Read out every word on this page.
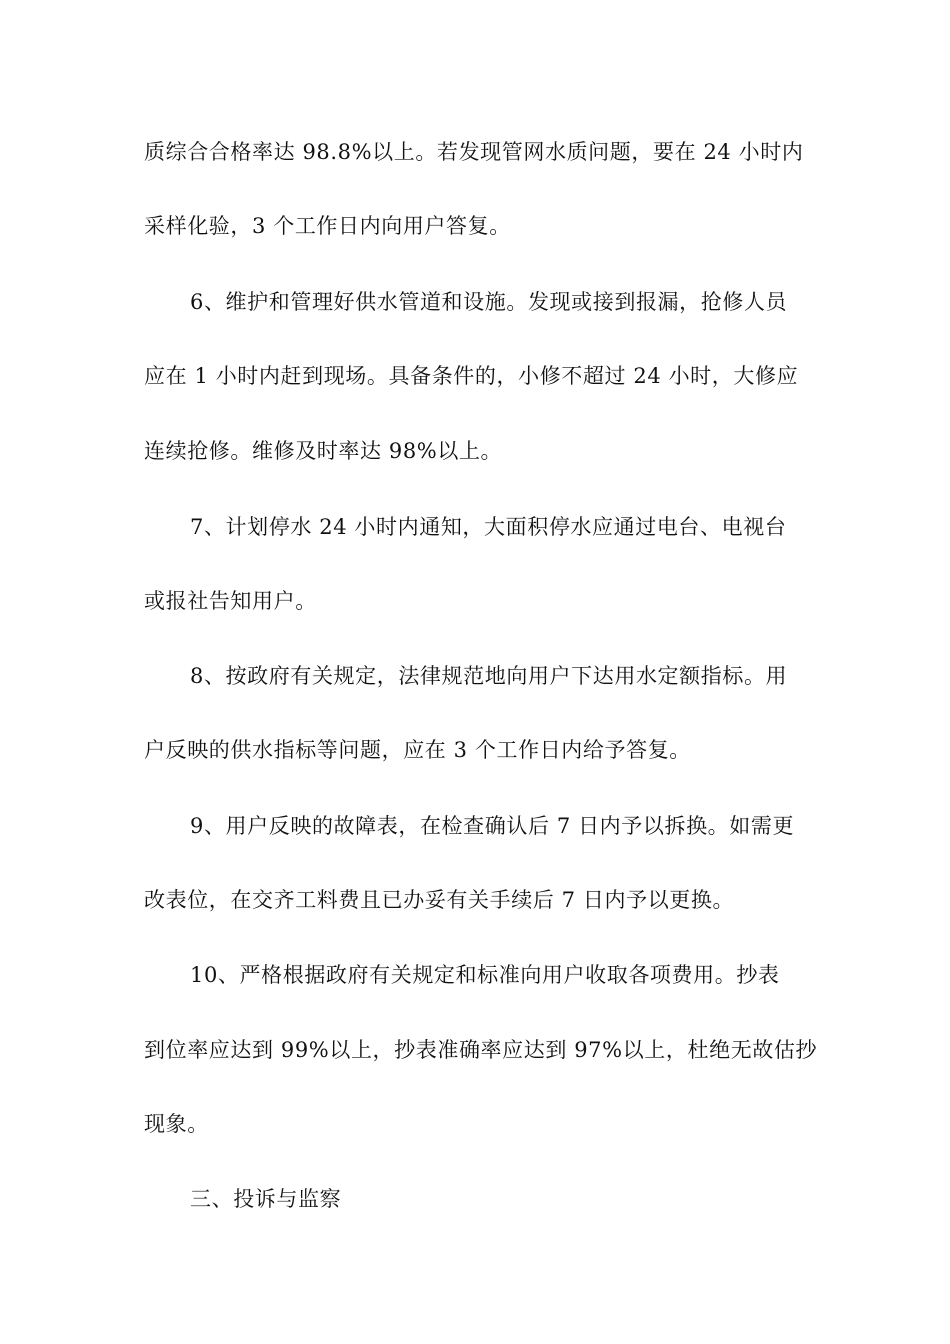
质综合合格率达 98.8%以上。若发现管网水质问题，要在 24 小时内
采样化验，3 个工作日内向用户答复。
6、维护和管理好供水管道和设施。发现或接到报漏，抢修人员
应在 1 小时内赶到现场。具备条件的，小修不超过 24 小时，大修应
连续抢修。维修及时率达 98%以上。
7、计划停水 24 小时内通知，大面积停水应通过电台、电视台
或报社告知用户。
8、按政府有关规定，法律规范地向用户下达用水定额指标。用
户反映的供水指标等问题，应在 3 个工作日内给予答复。
9、用户反映的故障表，在检查确认后 7 日内予以拆换。如需更
改表位，在交齐工料费且已办妥有关手续后 7 日内予以更换。
10、严格根据政府有关规定和标准向用户收取各项费用。抄表
到位率应达到 99%以上，抄表准确率应达到 97%以上，杜绝无故估抄
现象。
三、投诉与监察
